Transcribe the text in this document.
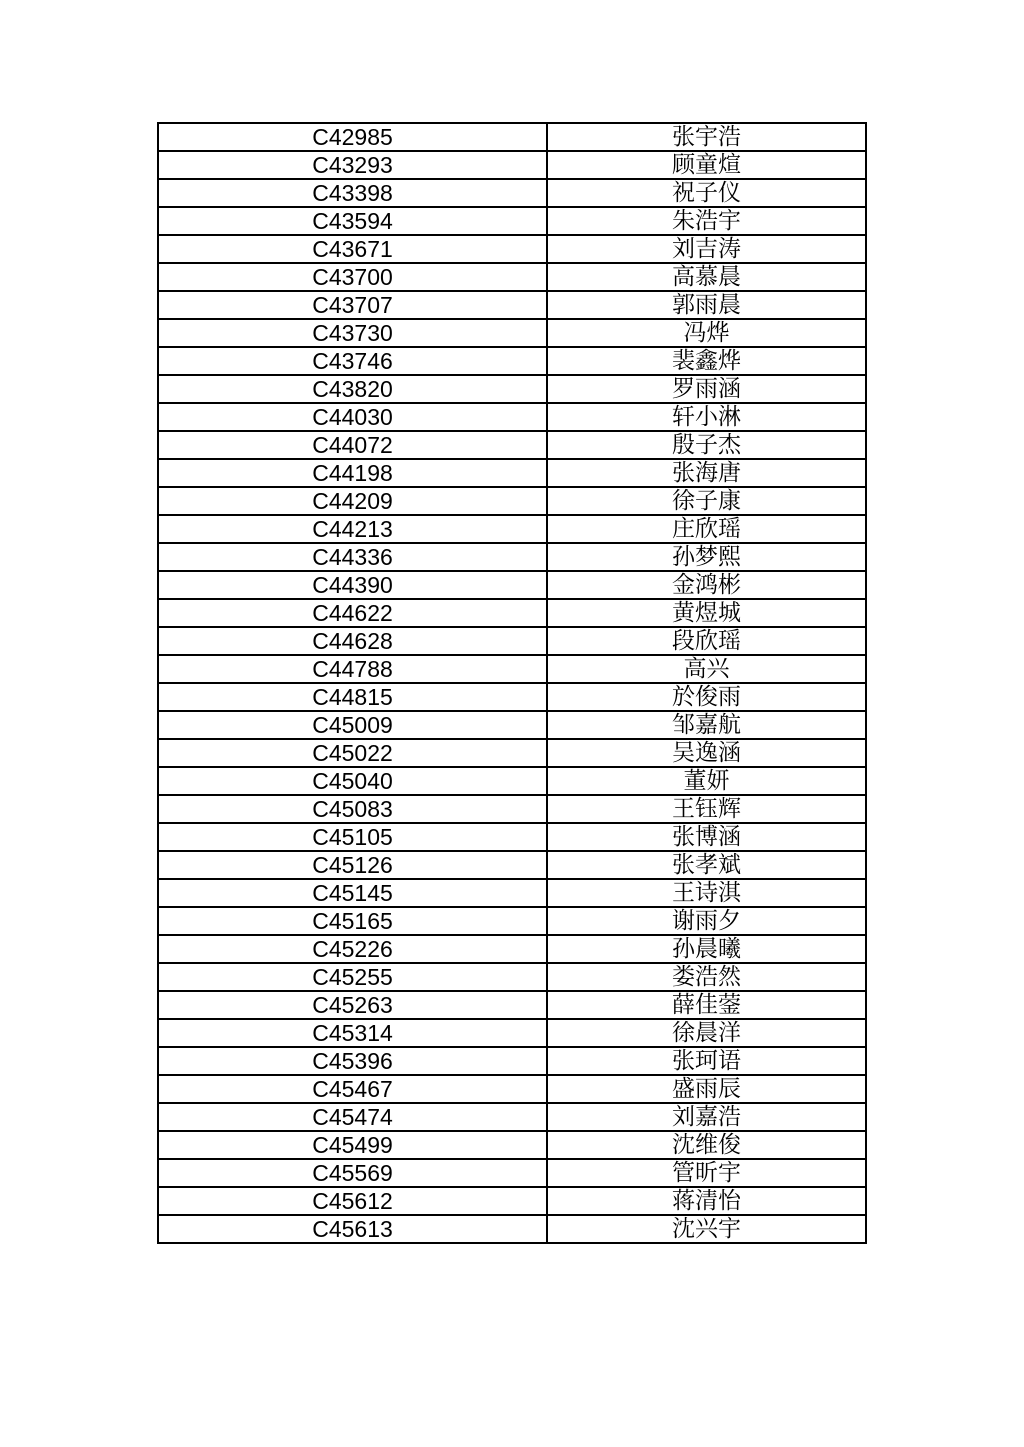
C42985	张宇浩
C43293	顾童煊
C43398	祝子仪
C43594	朱浩宇
C43671	刘吉涛
C43700	高慕晨
C43707	郭雨晨
C43730	冯烨
C43746	裴鑫烨
C43820	罗雨涵
C44030	轩小淋
C44072	殷子杰
C44198	张海唐
C44209	徐子康
C44213	庄欣瑶
C44336	孙梦熙
C44390	金鸿彬
C44622	黄煜城
C44628	段欣瑶
C44788	高兴
C44815	於俊雨
C45009	邹嘉航
C45022	吴逸涵
C45040	董妍
C45083	王钰辉
C45105	张博涵
C45126	张孝斌
C45145	王诗淇
C45165	谢雨夕
C45226	孙晨曦
C45255	娄浩然
C45263	薛佳蓥
C45314	徐晨洋
C45396	张珂语
C45467	盛雨辰
C45474	刘嘉浩
C45499	沈维俊
C45569	管昕宇
C45612	蒋清怡
C45613	沈兴宇
